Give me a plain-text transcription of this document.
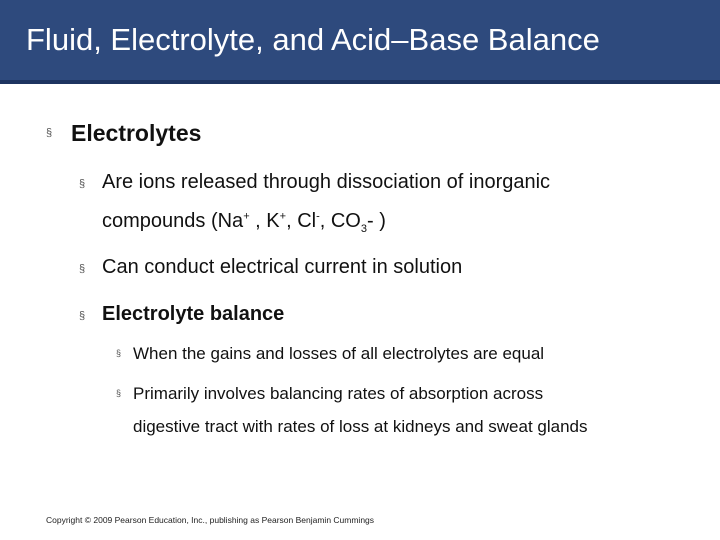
Fluid, Electrolyte, and Acid–Base Balance
§ Electrolytes
§ Are ions released through dissociation of inorganic
compounds (Na+ , K+, Cl-, $CO_3-$ )
§ Can conduct electrical current in solution
§ Electrolyte balance
§ When the gains and losses of all electrolytes are equal
§ Primarily involves balancing rates of absorption across
digestive tract with rates of loss at kidneys and sweat glands
Copyright © 2009 Pearson Education, Inc., publishing as Pearson Benjamin Cummings
